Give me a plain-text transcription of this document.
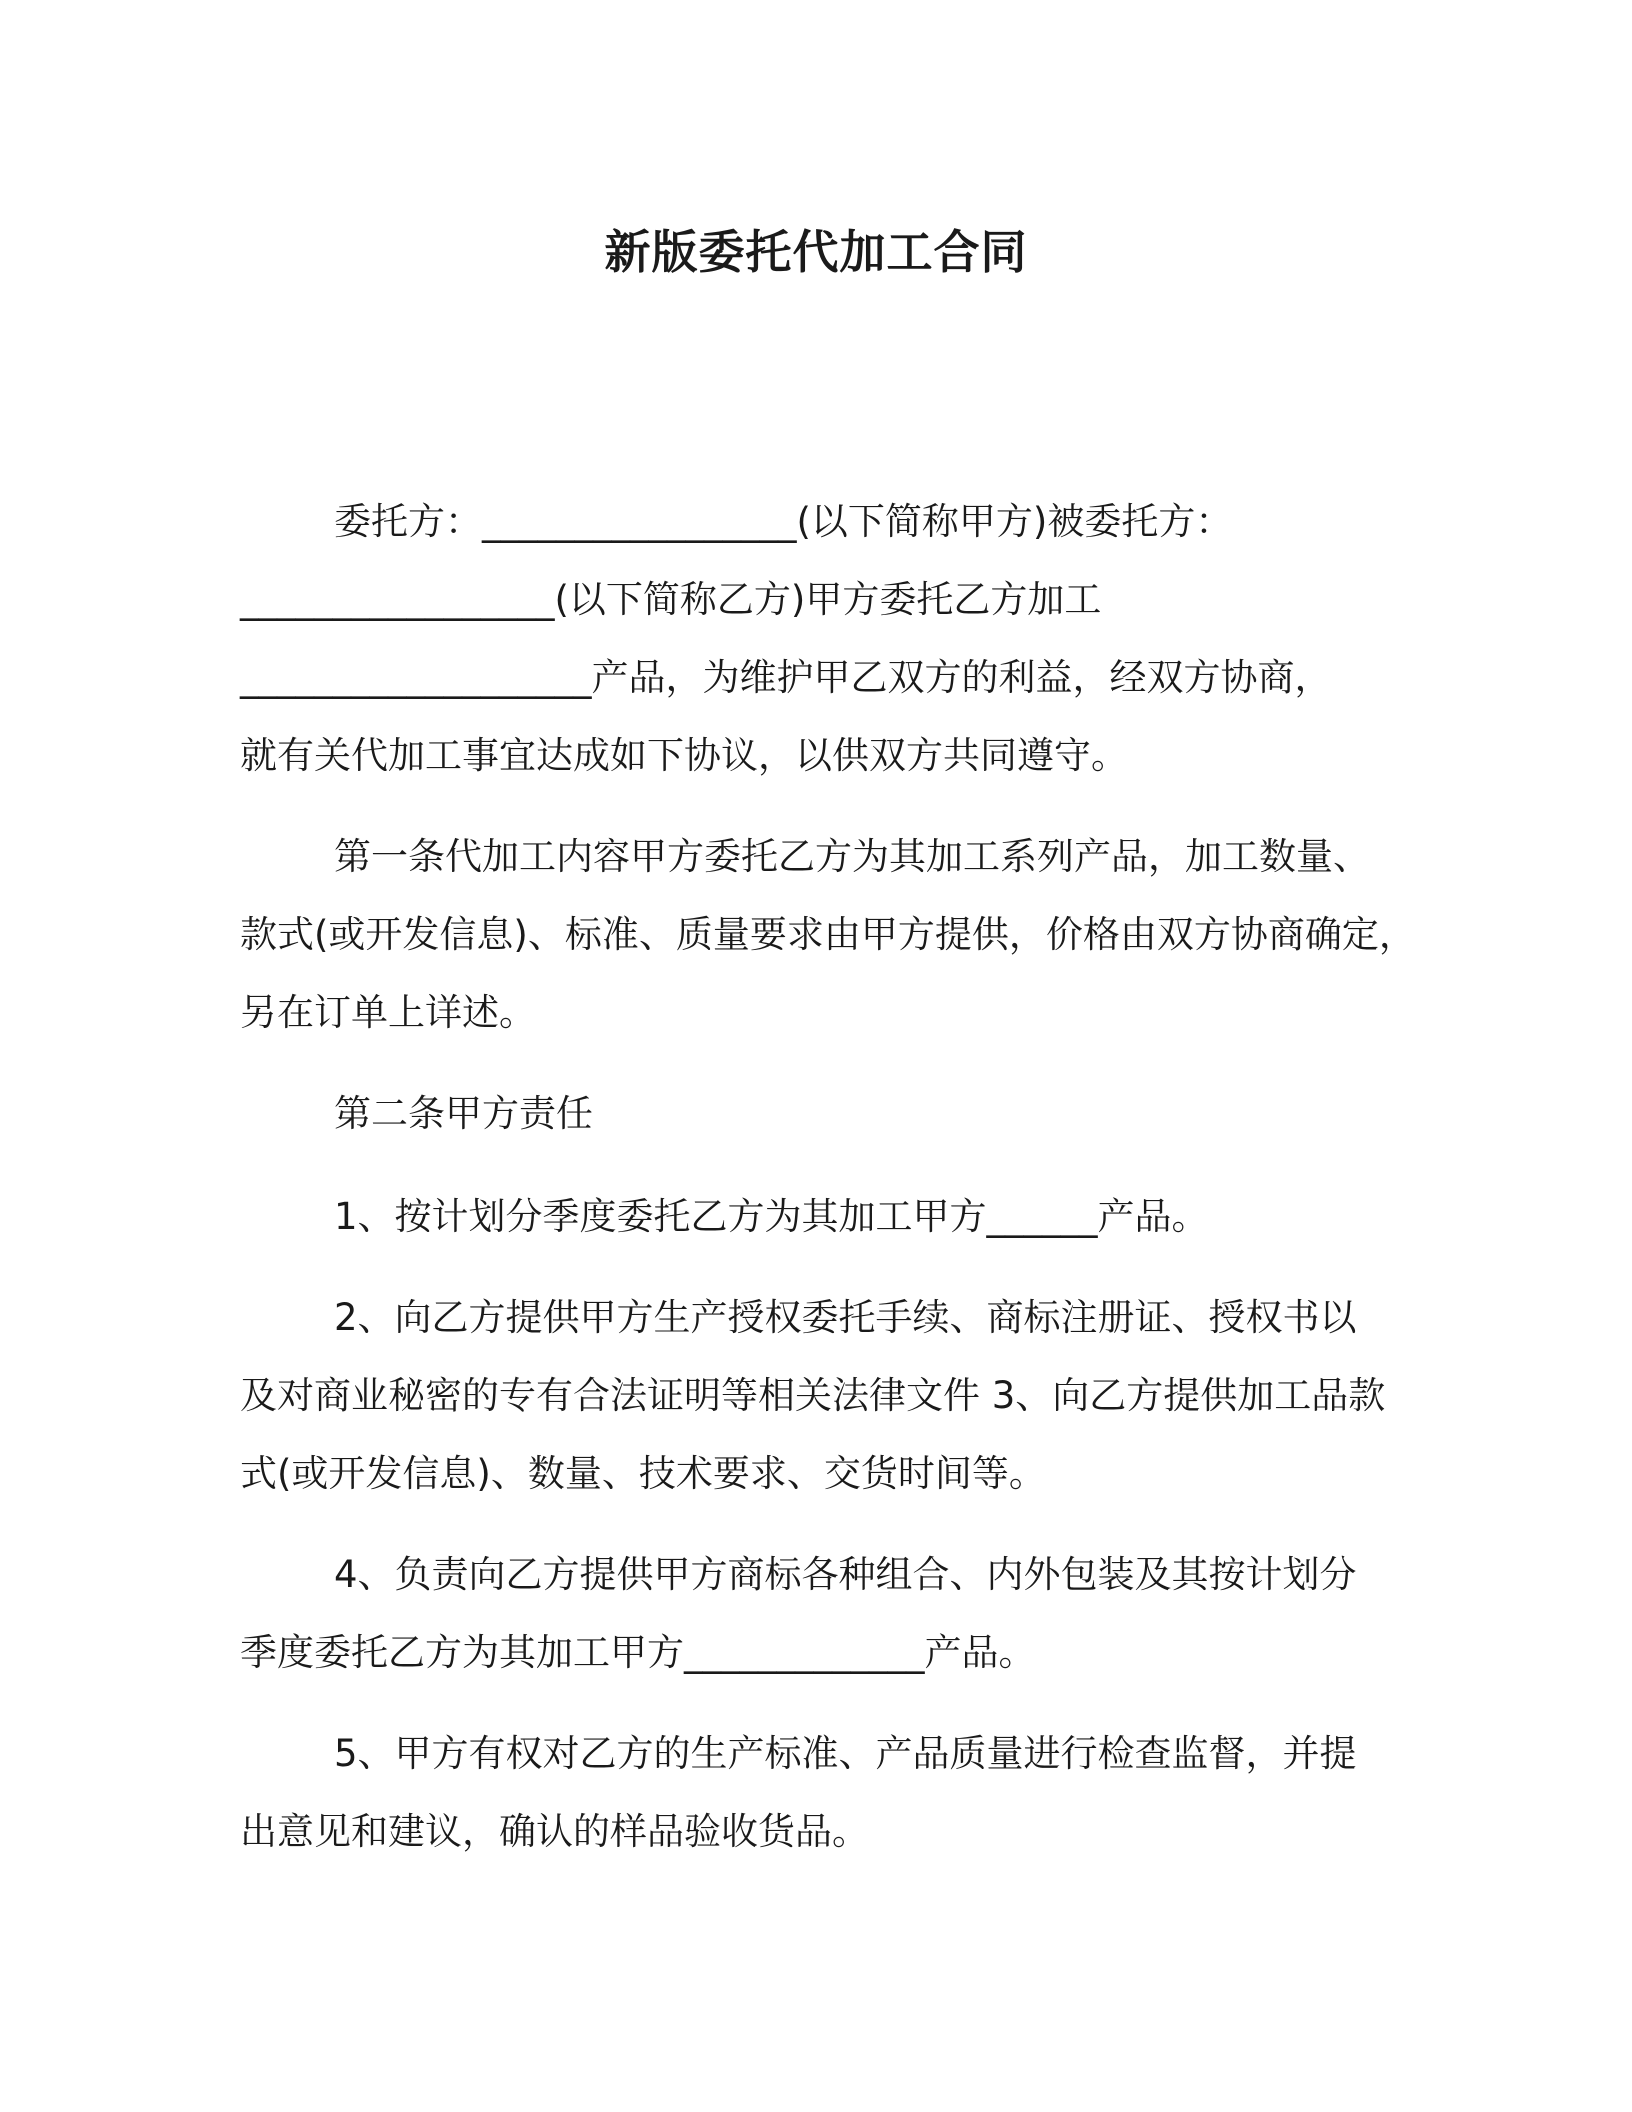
新版委托代加工合同

委托方：_________________(以下简称甲方)被委托方：

_________________(以下简称乙方)甲方委托乙方加工

___________________产品，为维护甲乙双方的利益，经双方协商，

就有关代加工事宜达成如下协议，以供双方共同遵守。

第一条代加工内容甲方委托乙方为其加工系列产品，加工数量、

款式(或开发信息)、标准、质量要求由甲方提供，价格由双方协商确定，

另在订单上详述。

第二条甲方责任

1、按计划分季度委托乙方为其加工甲方______产品。

2、向乙方提供甲方生产授权委托手续、商标注册证、授权书以

及对商业秘密的专有合法证明等相关法律文件 3、向乙方提供加工品款

式(或开发信息)、数量、技术要求、交货时间等。

4、负责向乙方提供甲方商标各种组合、内外包装及其按计划分

季度委托乙方为其加工甲方_____________产品。

5、甲方有权对乙方的生产标准、产品质量进行检查监督，并提

出意见和建议，确认的样品验收货品。
